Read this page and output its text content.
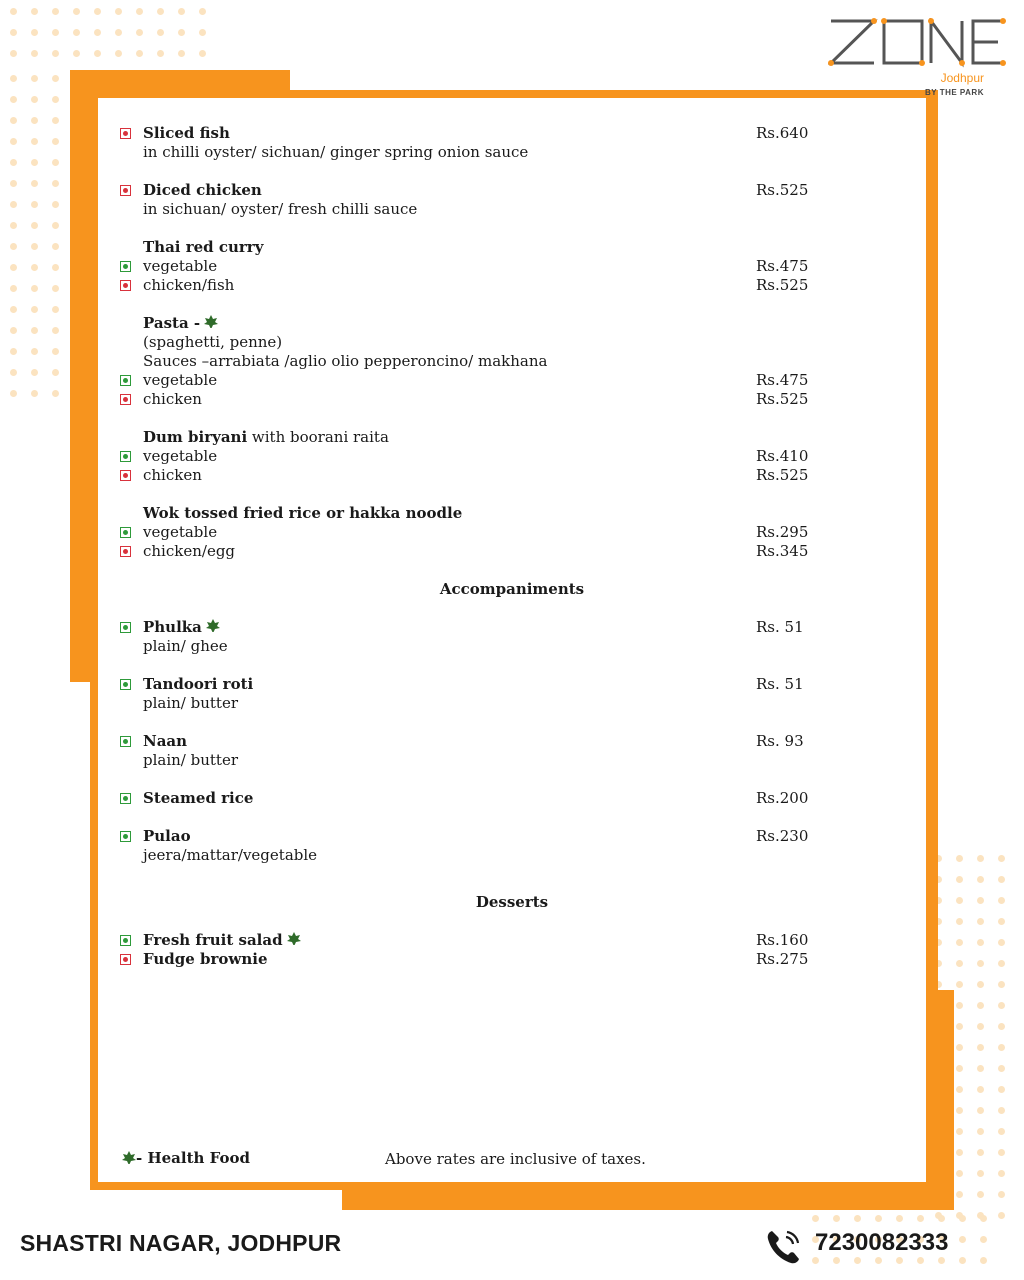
Jodhpur
BY THE PARK
Sliced fish	Rs.640
in chilli oyster/ sichuan/ ginger spring onion sauce
Diced chicken	Rs.525
in sichuan/ oyster/ fresh chilli sauce
Thai red curry
vegetable	Rs.475
chicken/fish	Rs.525
Pasta -
(spaghetti, penne)
Sauces –arrabiata /aglio olio pepperoncino/ makhana
vegetable	Rs.475
chicken	Rs.525
Dum biryani with boorani raita
vegetable	Rs.410
chicken	Rs.525
Wok tossed fried rice or hakka noodle
vegetable	Rs.295
chicken/egg	Rs.345
Accompaniments
Phulka	Rs. 51
plain/ ghee
Tandoori roti	Rs. 51
plain/ butter
Naan	Rs. 93
plain/ butter
Steamed rice	Rs.200
Pulao	Rs.230
jeera/mattar/vegetable
Desserts
Fresh fruit salad	Rs.160
Fudge brownie	Rs.275
- Health Food	Above rates are inclusive of taxes.
SHASTRI NAGAR, JODHPUR	7230082333
